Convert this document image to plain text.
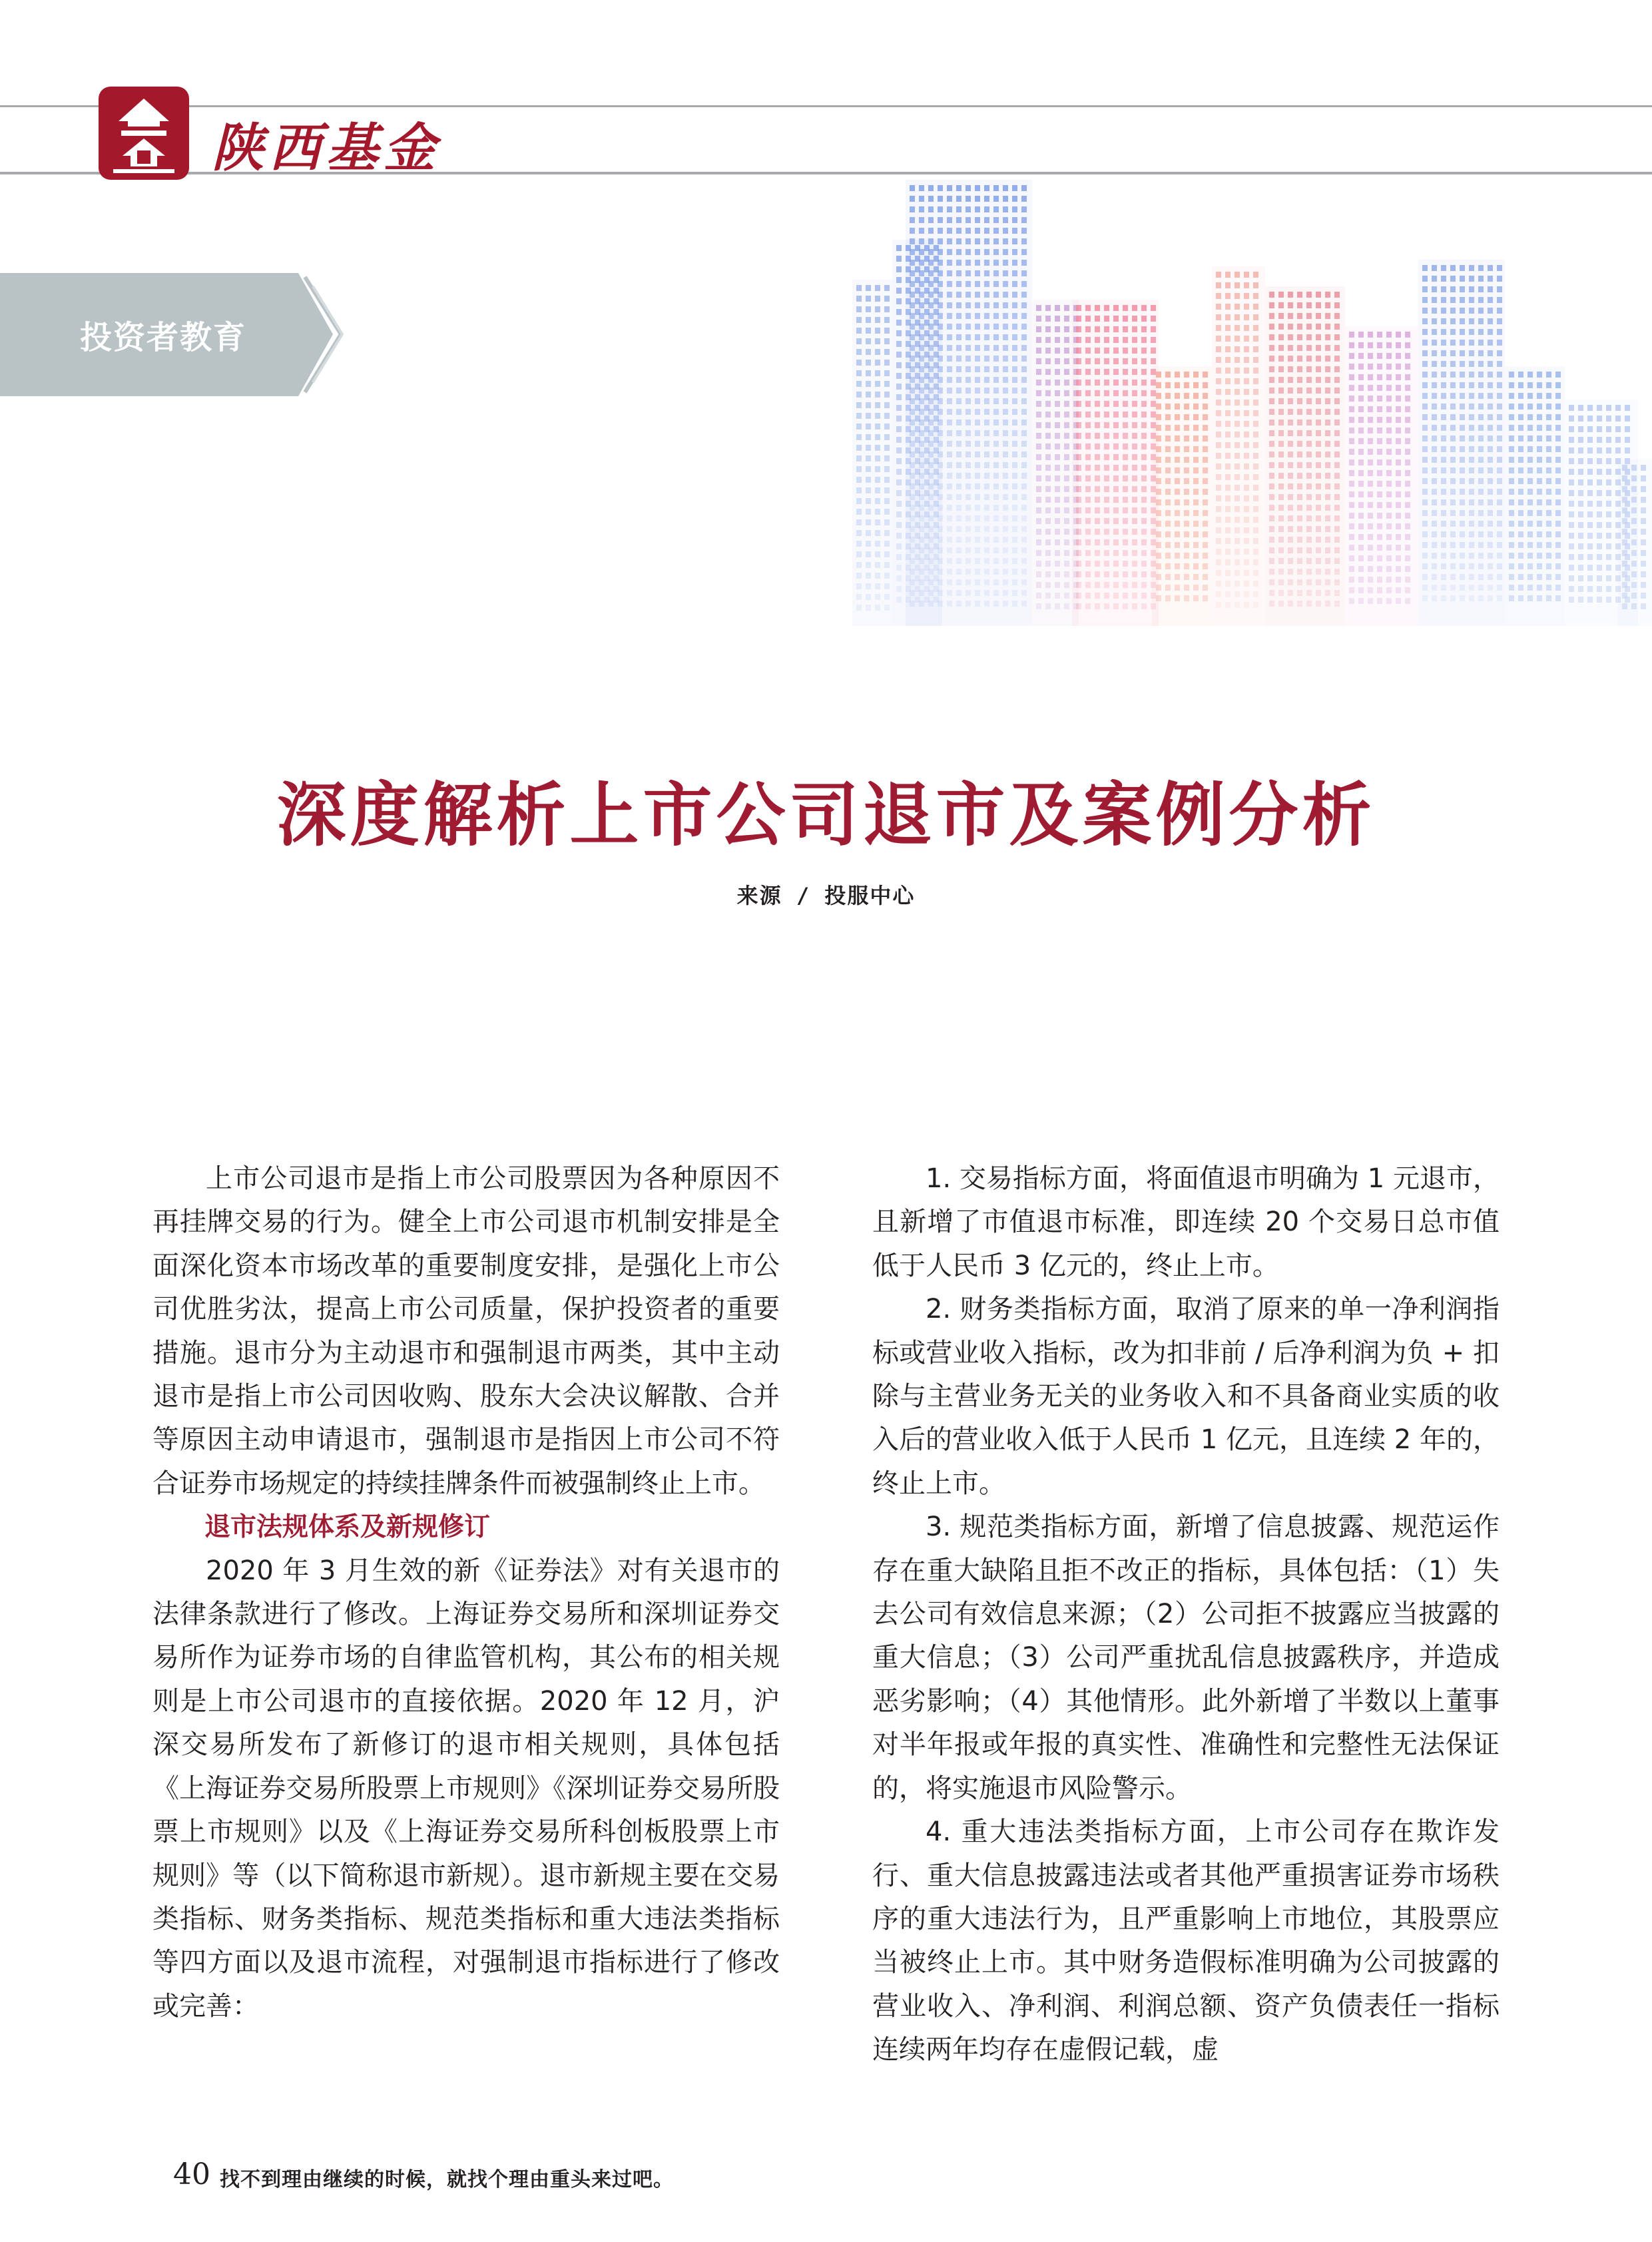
陕西基金
投资者教育
深度解析上市公司退市及案例分析
来源 / 投服中心

上市公司退市是指上市公司股票因为各种原因不再挂牌交易的行为。健全上市公司退市机制安排是全面深化资本市场改革的重要制度安排，是强化上市公司优胜劣汰，提高上市公司质量，保护投资者的重要措施。退市分为主动退市和强制退市两类，其中主动退市是指上市公司因收购、股东大会决议解散、合并等原因主动申请退市，强制退市是指因上市公司不符合证券市场规定的持续挂牌条件而被强制终止上市。

退市法规体系及新规修订

2020 年 3 月生效的新《证券法》对有关退市的法律条款进行了修改。上海证券交易所和深圳证券交易所作为证券市场的自律监管机构，其公布的相关规则是上市公司退市的直接依据。2020 年 12 月，沪深交易所发布了新修订的退市相关规则，具体包括《上海证券交易所股票上市规则》《深圳证券交易所股票上市规则》以及《上海证券交易所科创板股票上市规则》等（以下简称退市新规）。退市新规主要在交易类指标、财务类指标、规范类指标和重大违法类指标等四方面以及退市流程，对强制退市指标进行了修改或完善：

1. 交易指标方面，将面值退市明确为 1 元退市，且新增了市值退市标准，即连续 20 个交易日总市值低于人民币 3 亿元的，终止上市。

2. 财务类指标方面，取消了原来的单一净利润指标或营业收入指标，改为扣非前 / 后净利润为负 + 扣除与主营业务无关的业务收入和不具备商业实质的收入后的营业收入低于人民币 1 亿元，且连续 2 年的，终止上市。

3. 规范类指标方面，新增了信息披露、规范运作存在重大缺陷且拒不改正的指标，具体包括：（1）失去公司有效信息来源；（2）公司拒不披露应当披露的重大信息；（3）公司严重扰乱信息披露秩序，并造成恶劣影响；（4）其他情形。此外新增了半数以上董事对半年报或年报的真实性、准确性和完整性无法保证的，将实施退市风险警示。

4. 重大违法类指标方面，上市公司存在欺诈发行、重大信息披露违法或者其他严重损害证券市场秩序的重大违法行为，且严重影响上市地位，其股票应当被终止上市。其中财务造假标准明确为公司披露的营业收入、净利润、利润总额、资产负债表任一指标连续两年均存在虚假记载，虚

40 找不到理由继续的时候，就找个理由重头来过吧。
